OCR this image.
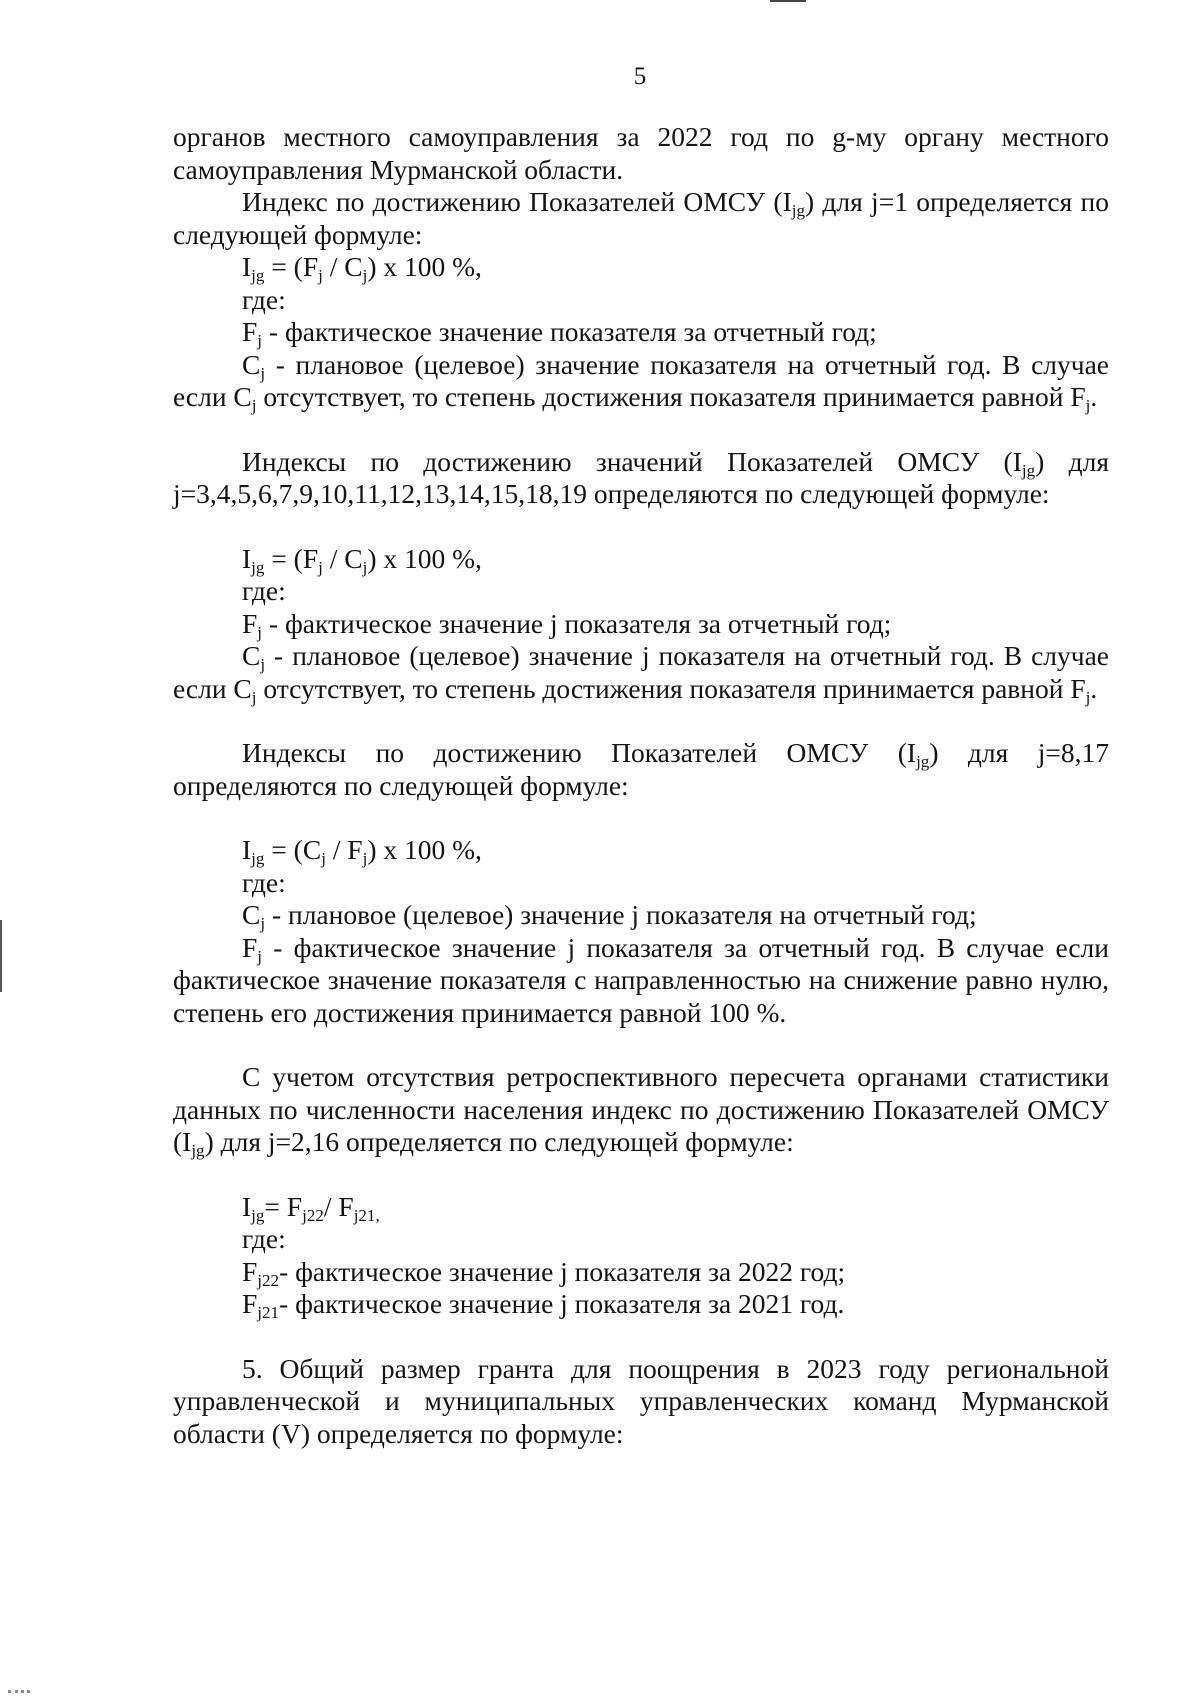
5

органов местного самоуправления за 2022 год по g-му органу местного самоуправления Мурманской области.

Индекс по достижению Показателей ОМСУ $(I_{jg})$ для j=1 определяется по следующей формуле:

$I_{jg} = (F_j / C_j)$ х 100 %,

где:

$F_j$ - фактическое значение показателя за отчетный год;

$C_j$ - плановое (целевое) значение показателя на отчетный год. В случае если $C_j$ отсутствует, то степень достижения показателя принимается равной $F_j$.

Индексы по достижению значений Показателей ОМСУ $(I_{jg})$ для j=3,4,5,6,7,9,10,11,12,13,14,15,18,19 определяются по следующей формуле:

$I_{jg} = (F_j / C_j)$ х 100 %,

где:

$F_j$ - фактическое значение j показателя за отчетный год;

$C_j$ - плановое (целевое) значение j показателя на отчетный год. В случае если $C_j$ отсутствует, то степень достижения показателя принимается равной $F_j$.

Индексы по достижению Показателей ОМСУ $(I_{jg})$ для j=8,17 определяются по следующей формуле:

$I_{jg} = (C_j / F_j)$ х 100 %,

где:

$C_j$ - плановое (целевое) значение j показателя на отчетный год;

$F_j$ - фактическое значение j показателя за отчетный год. В случае если фактическое значение показателя с направленностью на снижение равно нулю, степень его достижения принимается равной 100 %.

С учетом отсутствия ретроспективного пересчета органами статистики данных по численности населения индекс по достижению Показателей ОМСУ $(I_{jg})$ для j=2,16 определяется по следующей формуле:

$I_{jg}= F_{j22}/$ $F_{j21,}$

где:

$F_{j22}-$ фактическое значение j показателя за 2022 год;

$F_{j21}-$ фактическое значение j показателя за 2021 год.

5. Общий размер гранта для поощрения в 2023 году региональной управленческой и муниципальных управленческих команд Мурманской области (V) определяется по формуле:
